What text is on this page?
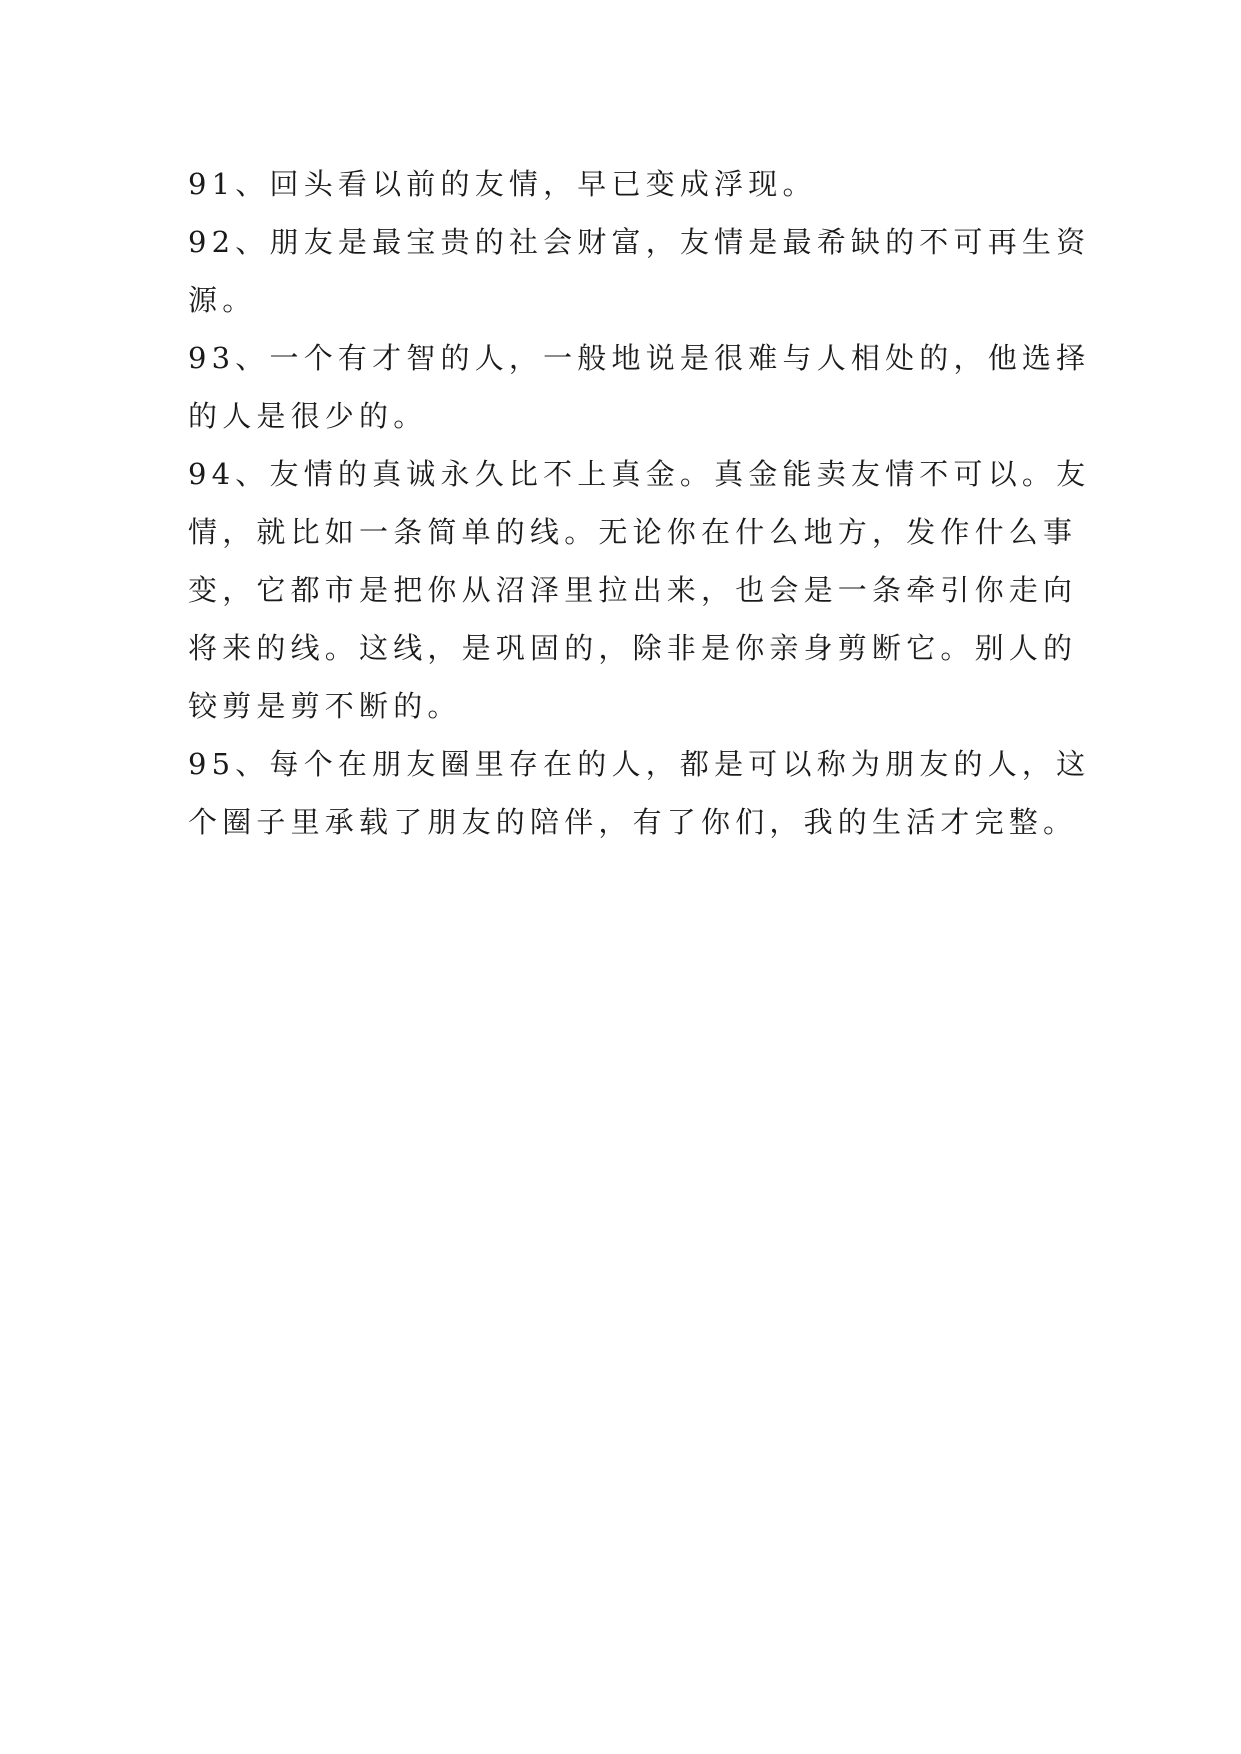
91、回头看以前的友情，早已变成浮现。
92、朋友是最宝贵的社会财富，友情是最希缺的不可再生资
源。
93、一个有才智的人，一般地说是很难与人相处的，他选择
的人是很少的。
94、友情的真诚永久比不上真金。真金能卖友情不可以。友
情，就比如一条简单的线。无论你在什么地方，发作什么事
变，它都市是把你从沼泽里拉出来，也会是一条牵引你走向
将来的线。这线，是巩固的，除非是你亲身剪断它。别人的
铰剪是剪不断的。
95、每个在朋友圈里存在的人，都是可以称为朋友的人，这
个圈子里承载了朋友的陪伴，有了你们，我的生活才完整。
